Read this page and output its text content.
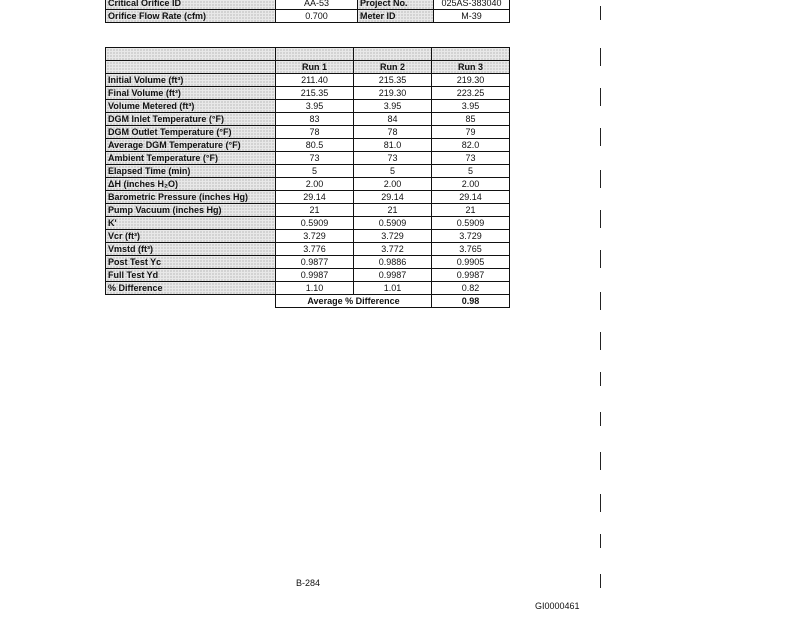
Critical Orifice ID	AA-53	Project No.	025AS-383040
Orifice Flow Rate (cfm)	0.700	Meter ID	M-39

	Run 1	Run 2	Run 3
Initial Volume (ft³)	211.40	215.35	219.30
Final Volume (ft³)	215.35	219.30	223.25
Volume Metered (ft³)	3.95	3.95	3.95
DGM Inlet Temperature (°F)	83	84	85
DGM Outlet Temperature (°F)	78	78	79
Average DGM Temperature (°F)	80.5	81.0	82.0
Ambient Temperature (°F)	73	73	73
Elapsed Time (min)	5	5	5
ΔH (inches H₂O)	2.00	2.00	2.00
Barometric Pressure (inches Hg)	29.14	29.14	29.14
Pump Vacuum (inches Hg)	21	21	21
K'	0.5909	0.5909	0.5909
Vcr (ft³)	3.729	3.729	3.729
Vmstd (ft³)	3.776	3.772	3.765
Post Test Yc	0.9877	0.9886	0.9905
Full Test Yd	0.9987	0.9987	0.9987
% Difference	1.10	1.01	0.82
	Average % Difference		0.98
B-284
GI0000461
